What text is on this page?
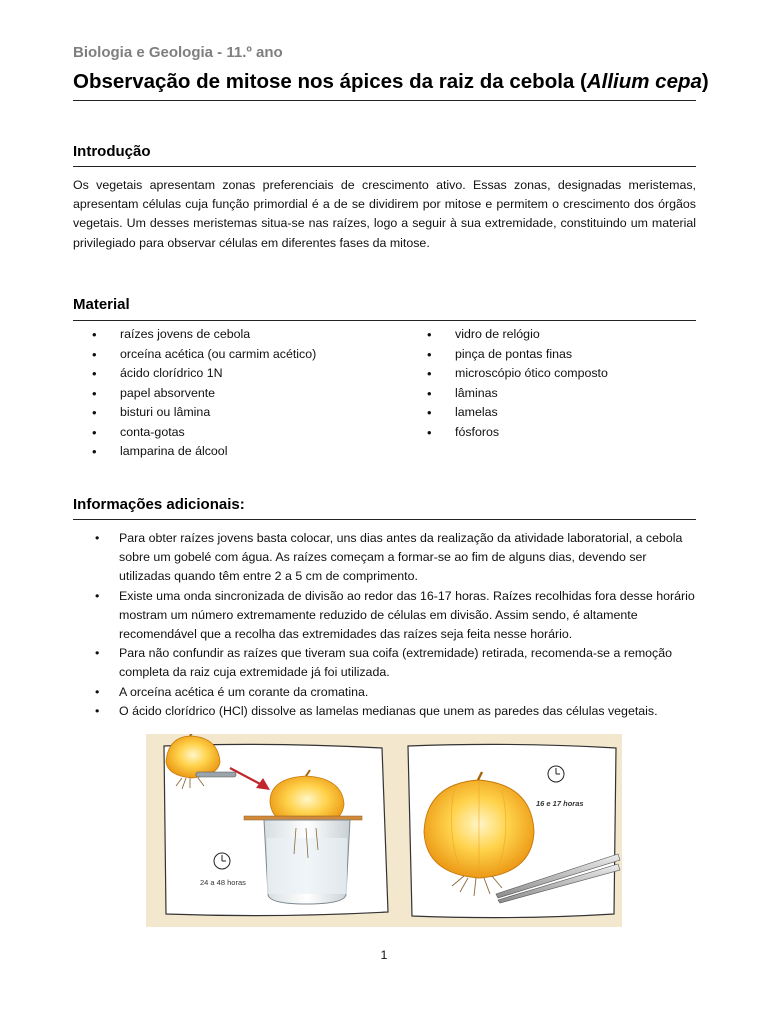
Biologia e Geologia - 11.º ano
Observação de mitose nos ápices da raiz da cebola (Allium cepa)
Introdução
Os vegetais apresentam zonas preferenciais de crescimento ativo. Essas zonas, designadas meristemas, apresentam células cuja função primordial é a de se dividirem por mitose e permitem o crescimento dos órgãos vegetais. Um desses meristemas situa-se nas raízes, logo a seguir à sua extremidade, constituindo um material privilegiado para observar células em diferentes fases da mitose.
Material
• raízes jovens de cebola
• orceína acética (ou carmim acético)
• ácido clorídrico 1N
• papel absorvente
• bisturi ou lâmina
• conta-gotas
• lamparina de álcool
• vidro de relógio
• pinça de pontas finas
• microscópio ótico composto
• lâminas
• lamelas
• fósforos
Informações adicionais:
• Para obter raízes jovens basta colocar, uns dias antes da realização da atividade laboratorial, a cebola sobre um gobelé com água. As raízes começam a formar-se ao fim de alguns dias, devendo ser utilizadas quando têm entre 2 a 5 cm de comprimento.
• Existe uma onda sincronizada de divisão ao redor das 16-17 horas. Raízes recolhidas fora desse horário mostram um número extremamente reduzido de células em divisão. Assim sendo, é altamente recomendável que a recolha das extremidades das raízes seja feita nesse horário.
• Para não confundir as raízes que tiveram sua coifa (extremidade) retirada, recomenda-se a remoção completa da raiz cuja extremidade já foi utilizada.
• A orceína acética é um corante da cromatina.
• O ácido clorídrico (HCl) dissolve as lamelas medianas que unem as paredes das células vegetais.
24 a 48 horas
16 e 17 horas
1
